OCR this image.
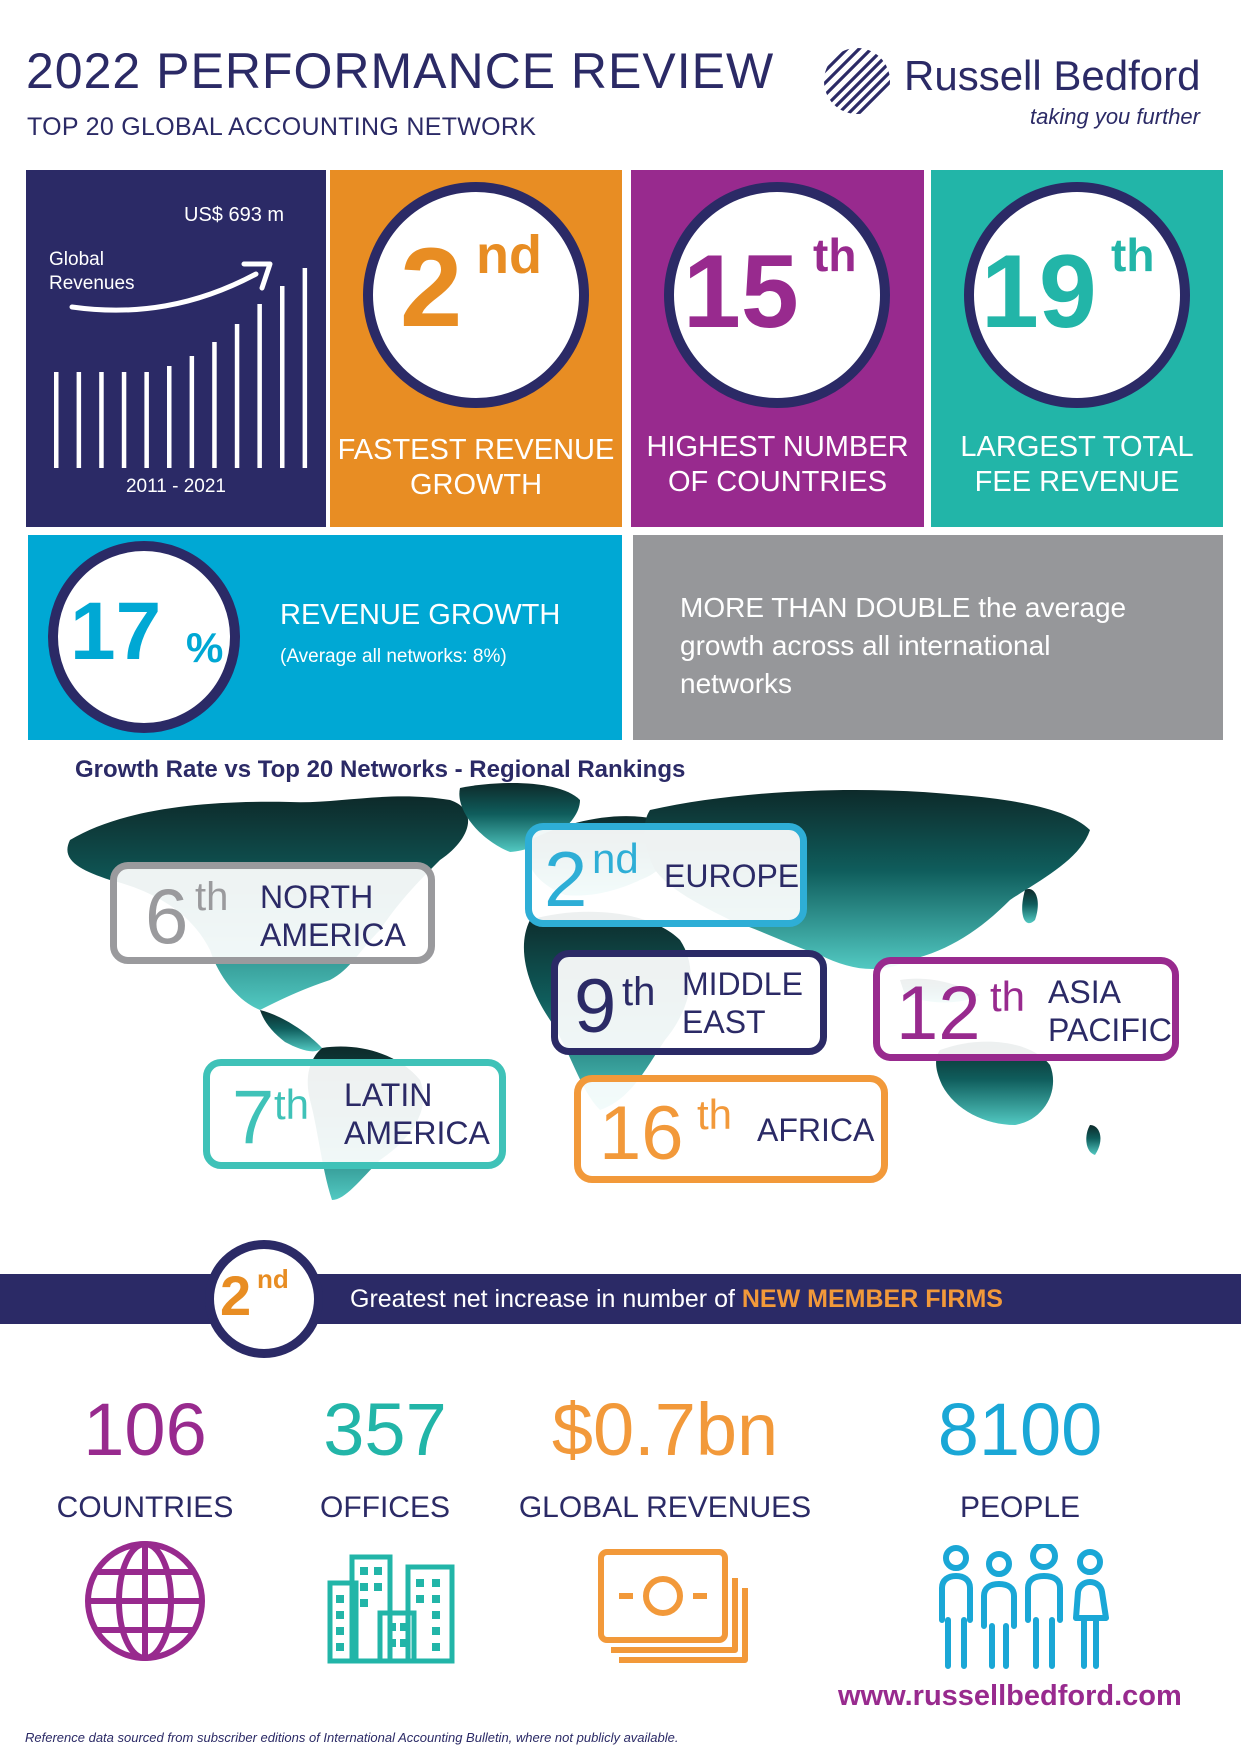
2022 PERFORMANCE REVIEW
TOP 20 GLOBAL ACCOUNTING NETWORK
Russell Bedford
taking you further
US$ 693 m
Global
Revenues
2011 - 2021
2 nd
FASTEST REVENUE
GROWTH
15 th
HIGHEST NUMBER
OF COUNTRIES
19 th
LARGEST TOTAL
FEE REVENUE
17 %
REVENUE GROWTH
(Average all networks: 8%)
MORE THAN DOUBLE the average
growth across all international
networks
Growth Rate vs Top 20 Networks - Regional Rankings
6 th NORTH
AMERICA
2 nd EUROPE
9 th MIDDLE
EAST	12 th ASIA
PACIFIC
7 th LATIN
AMERICA 16 th AFRICA
2 nd
Greatest net increase in number of NEW MEMBER FIRMS
106
COUNTRIES
357
OFFICES
$0.7bn
GLOBAL REVENUES
8100
PEOPLE
Reference data sourced from subscriber editions of International Accounting Bulletin, where not publicly available.
www.russellbedford.com
